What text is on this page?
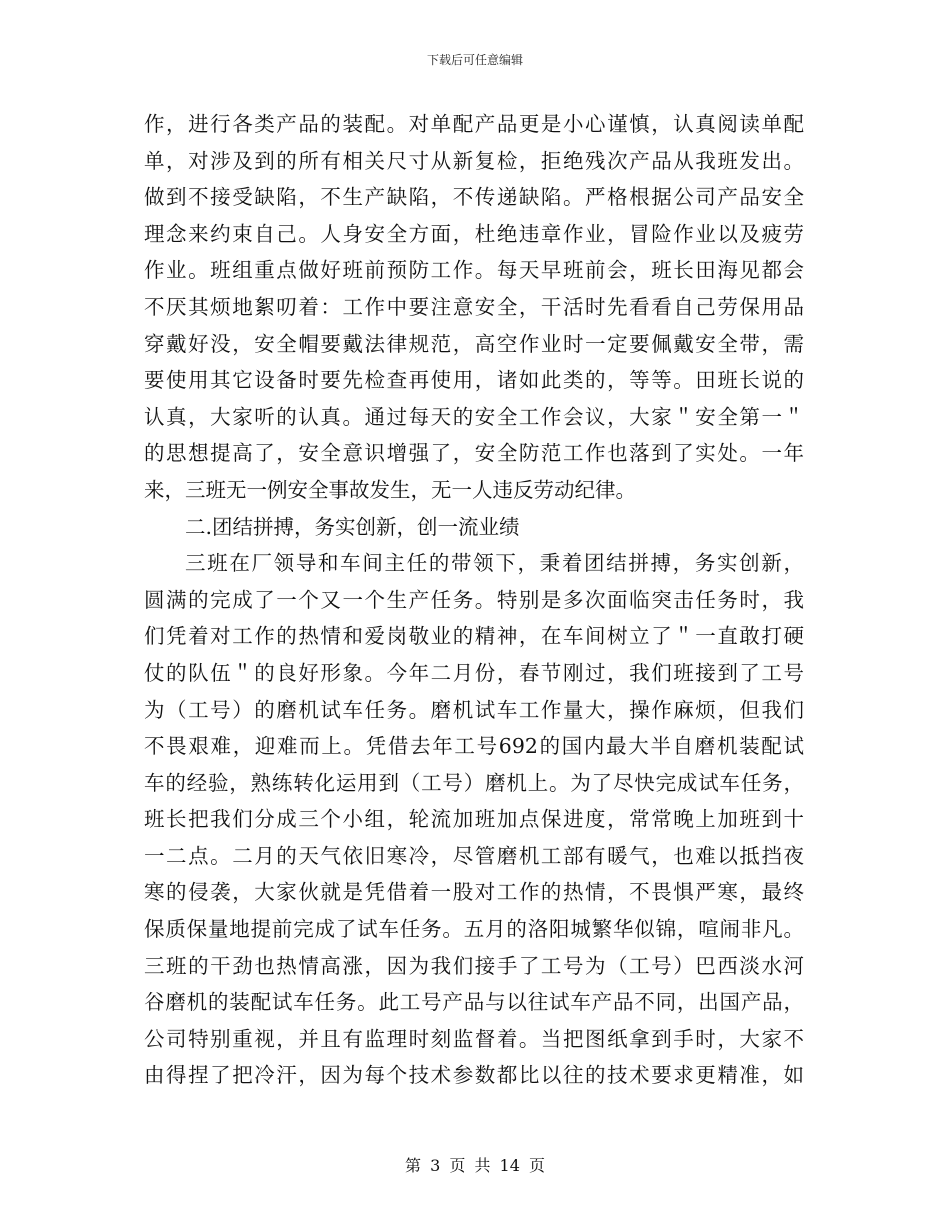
下载后可任意编辑
作，进行各类产品的装配。对单配产品更是小心谨慎，认真阅读单配
单，对涉及到的所有相关尺寸从新复检，拒绝残次产品从我班发出。
做到不接受缺陷，不生产缺陷，不传递缺陷。严格根据公司产品安全
理念来约束自己。人身安全方面，杜绝违章作业，冒险作业以及疲劳
作业。班组重点做好班前预防工作。每天早班前会，班长田海见都会
不厌其烦地絮叨着：工作中要注意安全，干活时先看看自己劳保用品
穿戴好没，安全帽要戴法律规范，高空作业时一定要佩戴安全带，需
要使用其它设备时要先检查再使用，诸如此类的，等等。田班长说的
认真，大家听的认真。通过每天的安全工作会议，大家＂安全第一＂
的思想提高了，安全意识增强了，安全防范工作也落到了实处。一年
来，三班无一例安全事故发生，无一人违反劳动纪律。
二.团结拼搏，务实创新，创一流业绩
三班在厂领导和车间主任的带领下，秉着团结拼搏，务实创新，
圆满的完成了一个又一个生产任务。特别是多次面临突击任务时，我
们凭着对工作的热情和爱岗敬业的精神，在车间树立了＂一直敢打硬
仗的队伍＂的良好形象。今年二月份，春节刚过，我们班接到了工号
为（工号）的磨机试车任务。磨机试车工作量大，操作麻烦，但我们
不畏艰难，迎难而上。凭借去年工号692的国内最大半自磨机装配试
车的经验，熟练转化运用到（工号）磨机上。为了尽快完成试车任务，
班长把我们分成三个小组，轮流加班加点保进度，常常晚上加班到十
一二点。二月的天气依旧寒冷，尽管磨机工部有暖气，也难以抵挡夜
寒的侵袭，大家伙就是凭借着一股对工作的热情，不畏惧严寒，最终
保质保量地提前完成了试车任务。五月的洛阳城繁华似锦，喧闹非凡。
三班的干劲也热情高涨，因为我们接手了工号为（工号）巴西淡水河
谷磨机的装配试车任务。此工号产品与以往试车产品不同，出国产品，
公司特别重视，并且有监理时刻监督着。当把图纸拿到手时，大家不
由得捏了把冷汗，因为每个技术参数都比以往的技术要求更精准，如
第 3 页 共 14 页
